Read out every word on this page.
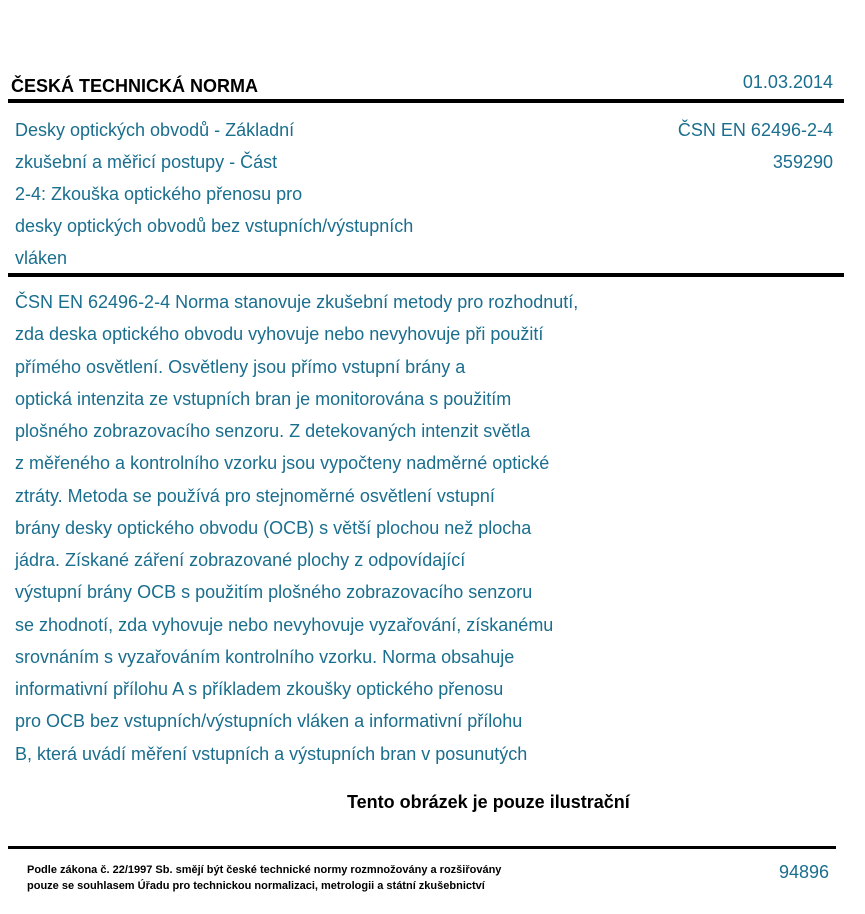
ČESKÁ TECHNICKÁ NORMA	01.03.2014
Desky optických obvodů - Základní
zkušební a měřicí postupy - Část
2-4: Zkouška optického přenosu pro
desky optických obvodů bez vstupních/výstupních
vláken
ČSN EN 62496-2-4
359290
ČSN EN 62496-2-4 Norma stanovuje zkušební metody pro rozhodnutí,
zda deska optického obvodu vyhovuje nebo nevyhovuje při použití
přímého osvětlení. Osvětleny jsou přímo vstupní brány a
optická intenzita ze vstupních bran je monitorována s použitím
plošného zobrazovacího senzoru. Z detekovaných intenzit světla
z měřeného a kontrolního vzorku jsou vypočteny nadměrné optické
ztráty. Metoda se používá pro stejnoměrné osvětlení vstupní
brány desky optického obvodu (OCB) s větší plochou než plocha
jádra. Získané záření zobrazované plochy z odpovídající
výstupní brány OCB s použitím plošného zobrazovacího senzoru
se zhodnotí, zda vyhovuje nebo nevyhovuje vyzařování, získanému
srovnáním s vyzařováním kontrolního vzorku. Norma obsahuje
informativní přílohu A s příkladem zkoušky optického přenosu
pro OCB bez vstupních/výstupních vláken a informativní přílohu
B, která uvádí měření vstupních a výstupních bran v posunutých
Tento obrázek je pouze ilustrační
Podle zákona č. 22/1997 Sb. smějí být české technické normy rozmnožovány a rozšiřovány
pouze se souhlasem Úřadu pro technickou normalizaci, metrologii a státní zkušebnictví
94896
